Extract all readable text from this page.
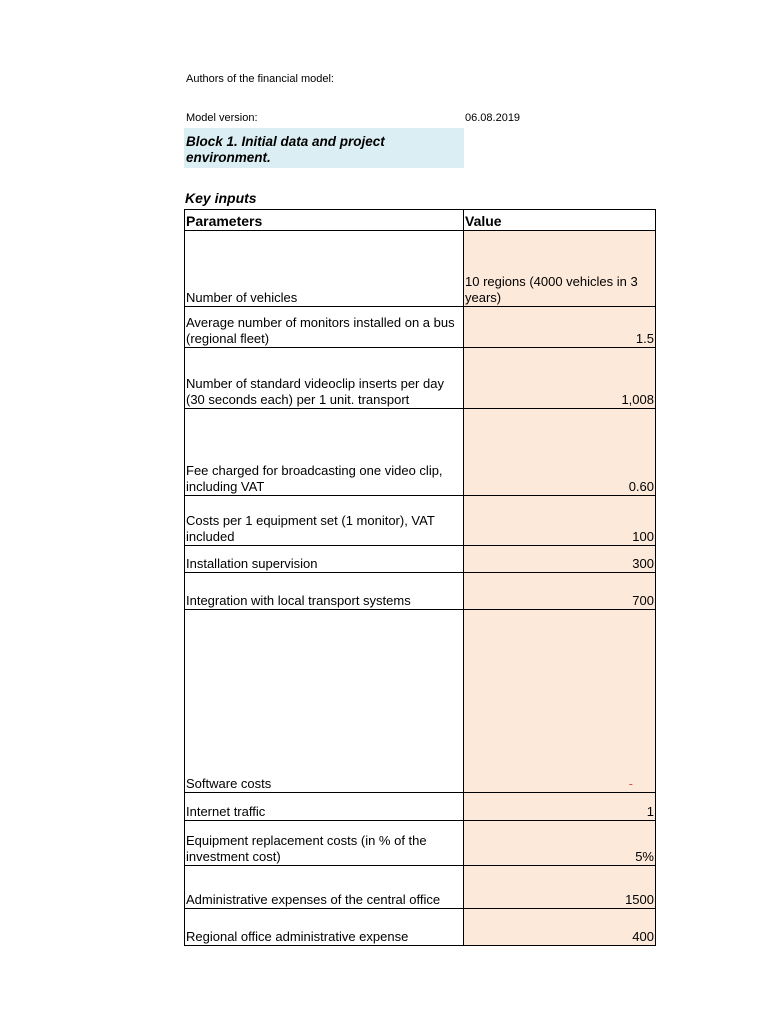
Authors of the financial model:
Model version:	06.08.2019
Block 1. Initial data and project environment.
Key inputs
Parameters	Value
Number of vehicles	10 regions (4000 vehicles in 3 years)
Average number of monitors installed on a bus (regional fleet)	1.5
Number of standard videoclip inserts per day (30 seconds each) per 1 unit. transport	1,008
Fee charged for broadcasting one video clip, including VAT	0.60
Costs per 1 equipment set (1 monitor), VAT included	100
Installation supervision	300
Integration with local transport systems	700
Software costs	-
Internet traffic	1
Equipment replacement costs (in % of the investment cost)	5%
Administrative expenses of the central office	1500
Regional office administrative expense	400
